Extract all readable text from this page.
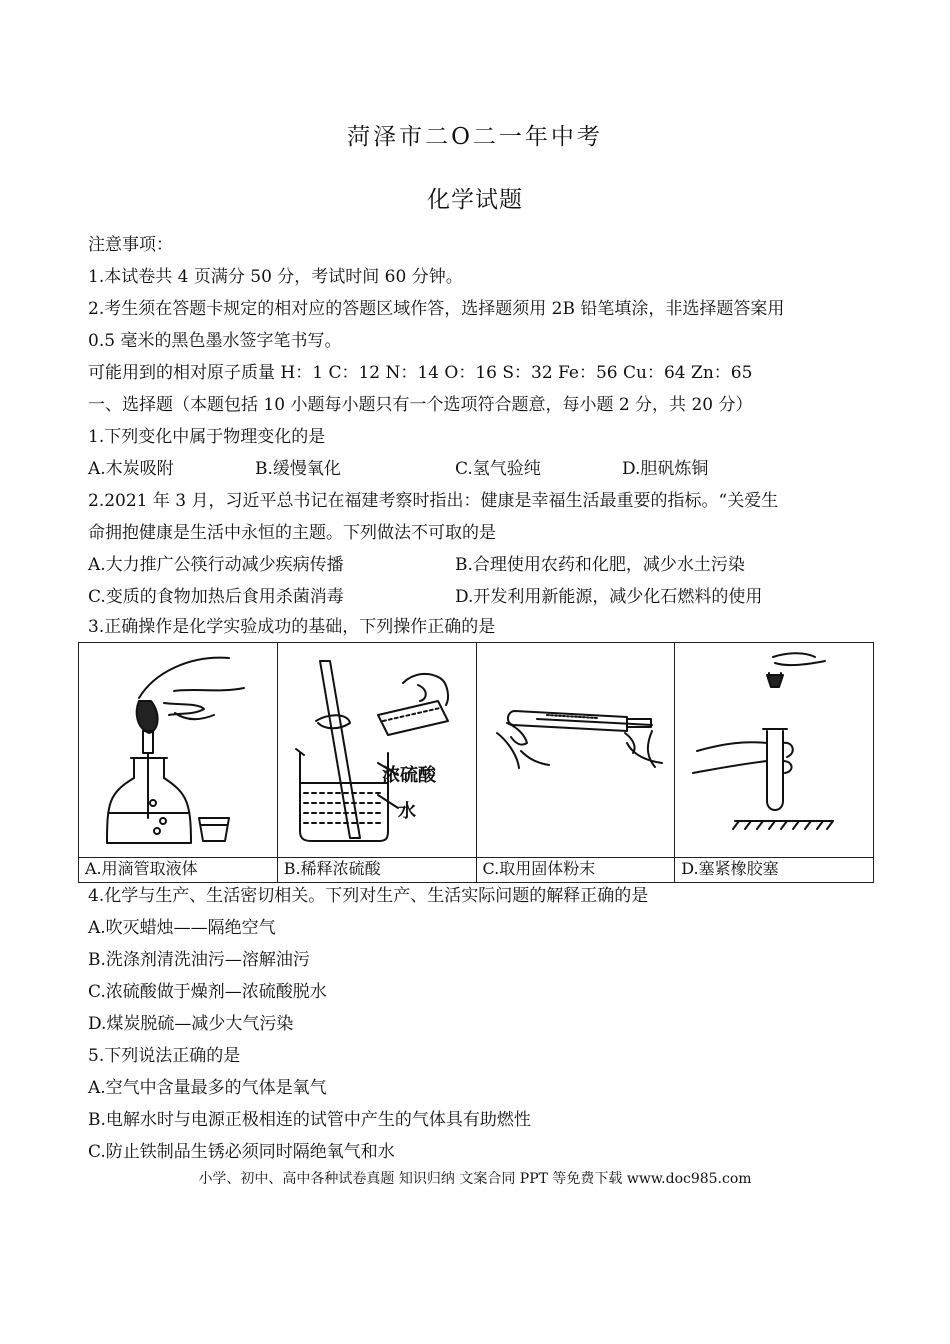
菏泽市二O二一年中考
化学试题
注意事项：
1.本试卷共 4 页满分 50 分，考试时间 60 分钟。
2.考生须在答题卡规定的相对应的答题区域作答，选择题须用 2B 铅笔填涂，非选择题答案用
0.5 毫米的黑色墨水签字笔书写。
可能用到的相对原子质量 H：1 C：12 N：14 O：16 S：32 Fe：56 Cu：64 Zn：65
一、选择题（本题包括 10 小题每小题只有一个选项符合题意，每小题 2 分，共 20 分）
1.下列变化中属于物理变化的是
A.木炭吸附	B.缓慢氧化	C.氢气验纯	D.胆矾炼铜
2.2021 年 3 月，习近平总书记在福建考察时指出：健康是幸福生活最重要的指标。“关爱生
命拥抱健康是生活中永恒的主题。下列做法不可取的是
A.大力推广公筷行动减少疾病传播	B.合理使用农药和化肥，减少水土污染
C.变质的食物加热后食用杀菌消毒	D.开发利用新能源，减少化石燃料的使用
3.正确操作是化学实验成功的基础，下列操作正确的是

浓硫酸
水

A.用滴管取液体	B.稀释浓硫酸	C.取用固体粉末	D.塞紧橡胶塞
4.化学与生产、生活密切相关。下列对生产、生活实际问题的解释正确的是
A.吹灭蜡烛——隔绝空气
B.洗涤剂清洗油污—溶解油污
C.浓硫酸做于燥剂—浓硫酸脱水
D.煤炭脱硫—减少大气污染
5.下列说法正确的是
A.空气中含量最多的气体是氧气
B.电解水时与电源正极相连的试管中产生的气体具有助燃性
C.防止铁制品生锈必须同时隔绝氧气和水
小学、初中、高中各种试卷真题 知识归纳 文案合同 PPT 等免费下载 www.doc985.com
